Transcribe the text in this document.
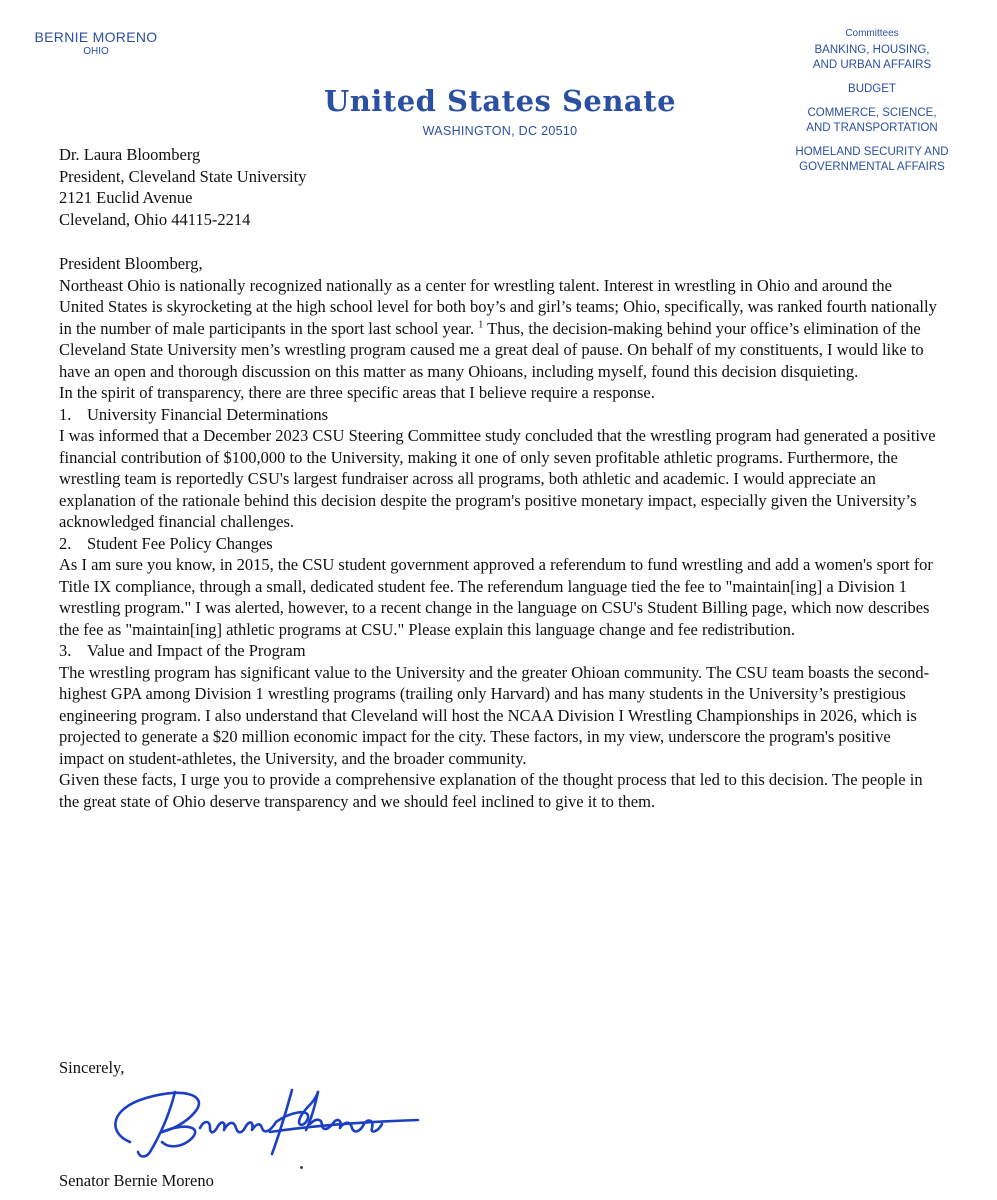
BERNIE MORENO
OHIO
United States Senate
WASHINGTON, DC 20510
Committees
BANKING, HOUSING,
AND URBAN AFFAIRS
BUDGET
COMMERCE, SCIENCE,
AND TRANSPORTATION
HOMELAND SECURITY AND
GOVERNMENTAL AFFAIRS

Dr. Laura Bloomberg

President, Cleveland State University

2121 Euclid Avenue

Cleveland, Ohio 44115-2214

President Bloomberg,

Northeast Ohio is nationally recognized nationally as a center for wrestling talent. Interest in wrestling in Ohio and around the United States is skyrocketing at the high school level for both boy’s and girl’s teams; Ohio, specifically, was ranked fourth nationally in the number of male participants in the sport last school year. $^1$ Thus, the decision-making behind your office’s elimination of the Cleveland State University men’s wrestling program caused me a great deal of pause. On behalf of my constituents, I would like to have an open and thorough discussion on this matter as many Ohioans, including myself, found this decision disquieting.

In the spirit of transparency, there are three specific areas that I believe require a response.

1. University Financial Determinations

I was informed that a December 2023 CSU Steering Committee study concluded that the wrestling program had generated a positive financial contribution of $100,000 to the University, making it one of only seven profitable athletic programs. Furthermore, the wrestling team is reportedly CSU's largest fundraiser across all programs, both athletic and academic. I would appreciate an explanation of the rationale behind this decision despite the program's positive monetary impact, especially given the University’s acknowledged financial challenges.

2. Student Fee Policy Changes

As I am sure you know, in 2015, the CSU student government approved a referendum to fund wrestling and add a women's sport for Title IX compliance, through a small, dedicated student fee. The referendum language tied the fee to "maintain[ing] a Division 1 wrestling program." I was alerted, however, to a recent change in the language on CSU's Student Billing page, which now describes the fee as "maintain[ing] athletic programs at CSU." Please explain this language change and fee redistribution.

3. Value and Impact of the Program

The wrestling program has significant value to the University and the greater Ohioan community. The CSU team boasts the second-highest GPA among Division 1 wrestling programs (trailing only Harvard) and has many students in the University’s prestigious engineering program. I also understand that Cleveland will host the NCAA Division I Wrestling Championships in 2026, which is projected to generate a $20 million economic impact for the city. These factors, in my view, underscore the program's positive impact on student-athletes, the University, and the broader community.

Given these facts, I urge you to provide a comprehensive explanation of the thought process that led to this decision. The people in the great state of Ohio deserve transparency and we should feel inclined to give it to them.

Sincerely,
Senator Bernie Moreno
